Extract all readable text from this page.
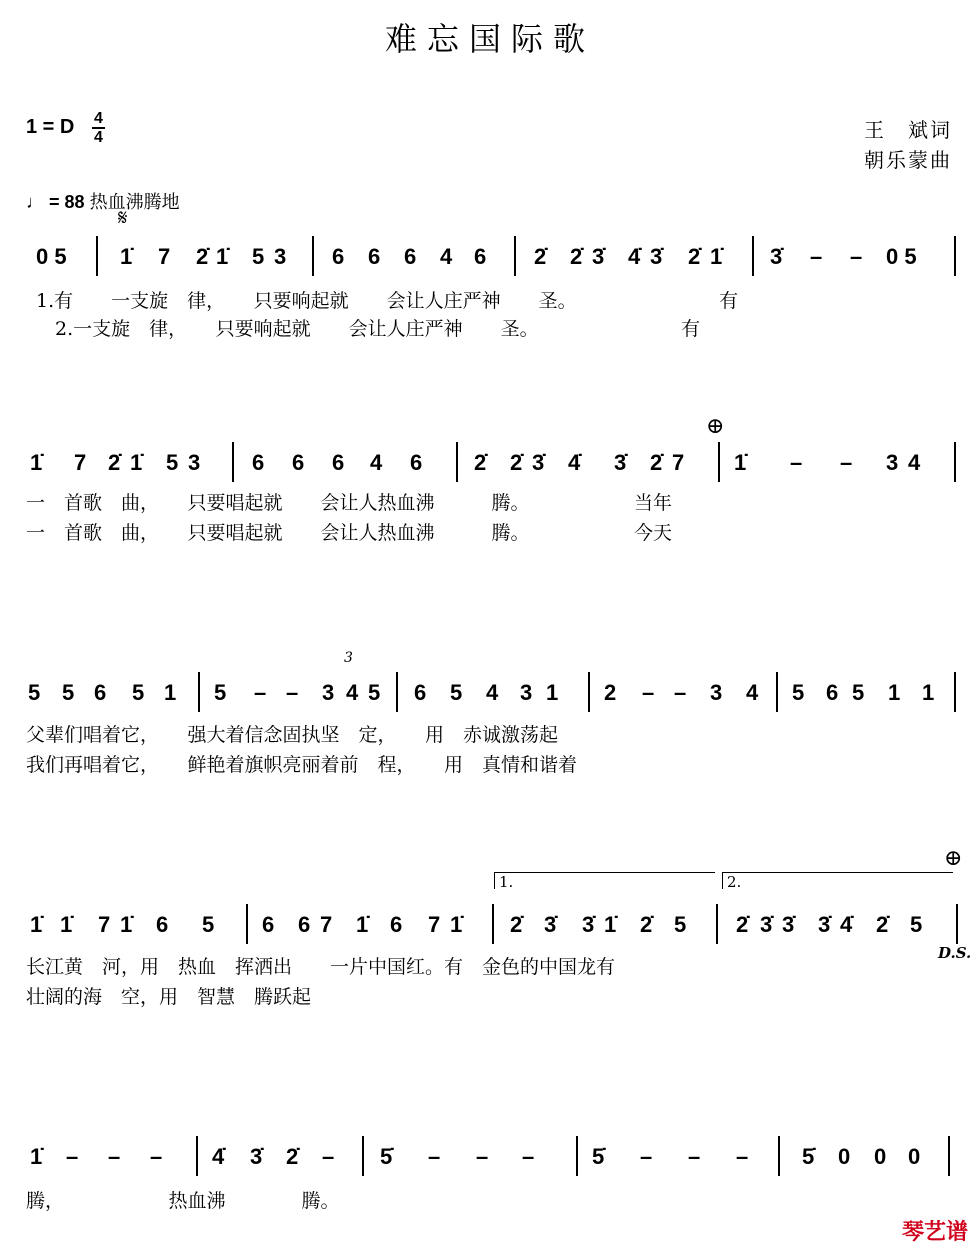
难忘国际歌
1 = D 4
4	王　斌词
朝乐蒙曲
♩ = 88 热血沸腾地
𝄋
⊕
⊕
D.S.
1.	2.
3
0 5 1̇ 7 2̇ 1̇ 5 3 6 6 6 4 6 2̇ 2̇ 3̇ 4̇ 3̇ 2̇ 1̇ 3̇ – – 0 5
1.有　　一支旋　律，　　只要响起就　　会让人庄严神　　圣。　　　　　　　　有
　2.一支旋　律，　　只要响起就　　会让人庄严神　　圣。　　　　　　　　有
1̇ 7 2̇ 1̇ 5 3 6 6 6 4 6 2̇ 2̇ 3̇ 4̇ 3̇ 2̇ 7 1̇ – – 3 4
一　首歌　曲，　　只要唱起就　　会让人热血沸　　　腾。　　　　　　当年
一　首歌　曲，　　只要唱起就　　会让人热血沸　　　腾。　　　　　　今天
5 5 6 5 1 5 – – 3 4 5 6 5 4 3 1 2 – – 3 4 5 6 5 1 1
父辈们唱着它，　　强大着信念固执坚　定，　　用　赤诚激荡起
我们再唱着它，　　鲜艳着旗帜亮丽着前　程，　　用　真情和谐着
1̇ 1̇ 7 1̇ 6 5 6 6 7 1̇ 6 7 1̇ 2̇ 3̇ 3̇ 1̇ 2̇ 5 2̇ 3̇ 3̇ 3̇ 4̇ 2̇ 5
长江黄　河，用　热血　挥洒出　　一片中国红。有　金色的中国龙有
壮阔的海　空，用　智慧　腾跃起
1̇ – – – 4̇ 3̇ 2̇ – 5̇ – – –	5̇ – – – 5̇ 0 0 0
腾，　　　　　　热血沸　　　　腾。
琴艺谱
